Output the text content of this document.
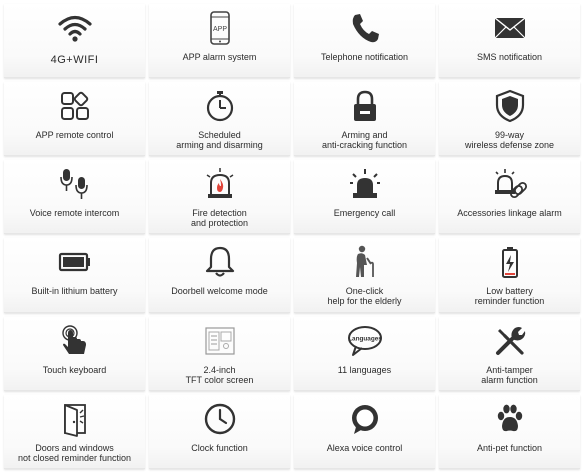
4G+WIFI
APP
APP alarm system	Telephone notification	SMS notification
APP remote control	Scheduled
arming and disarming
Arming and
anti-cracking function
99-way
wireless defense zone
Voice remote intercom	Fire detection
and protection
Emergency call	Accessories linkage alarm
Built-in lithium battery	Doorbell welcome mode	One-click
help for the elderly
Low battery
reminder function
Touch keyboard	2.4-inch
TFT color screen
Languages
11 languages	Anti-tamper
alarm function
Doors and windows
not closed reminder function
Clock function	Alexa voice control	Anti-pet function
